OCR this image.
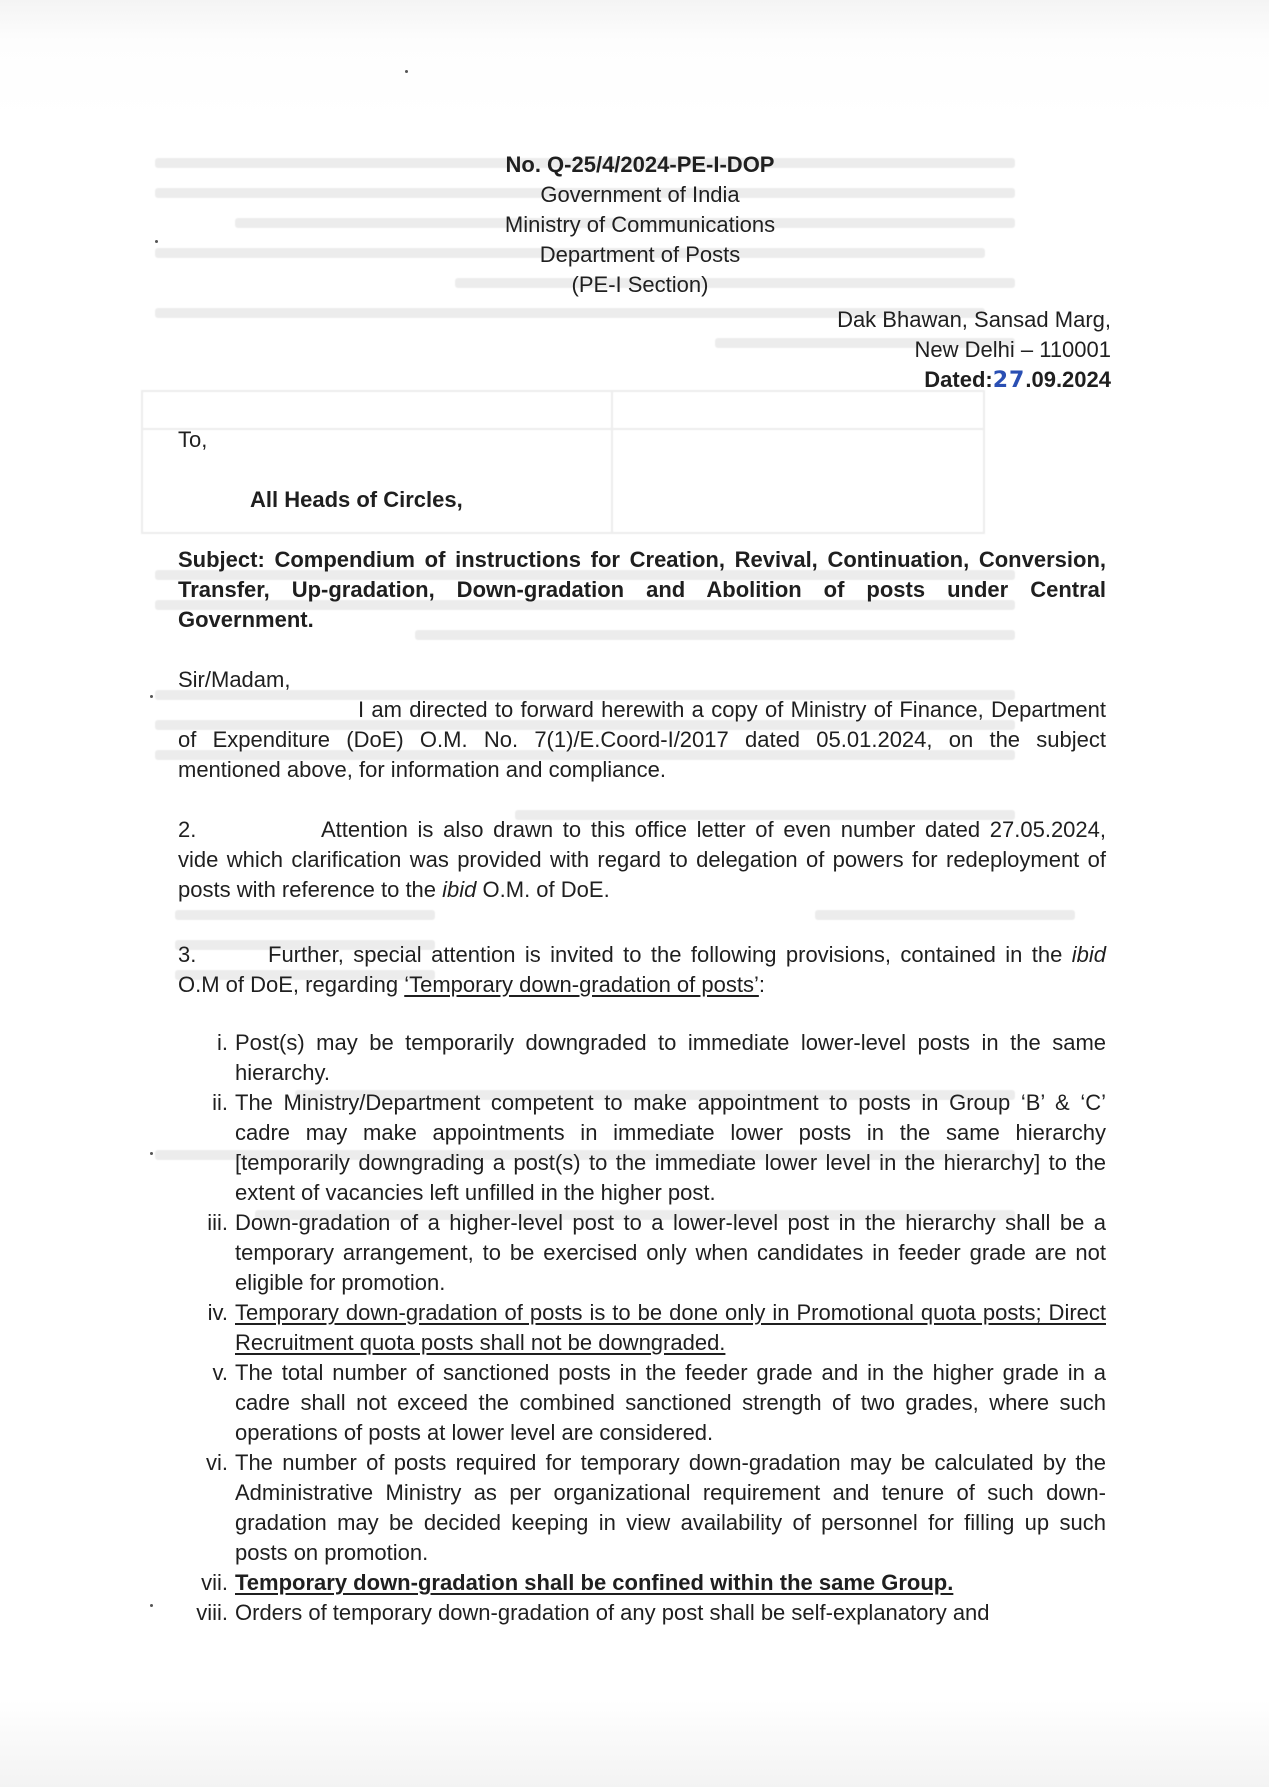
No. Q-25/4/2024-PE-I-DOP
Government of India
Ministry of Communications
Department of Posts
(PE-I Section)
Dak Bhawan, Sansad Marg,
New Delhi – 110001
Dated:27.09.2024
To,
All Heads of Circles,
Subject: Compendium of instructions for Creation, Revival, Continuation, Conversion, Transfer, Up-gradation, Down-gradation and Abolition of posts under Central Government.
Sir/Madam,
I am directed to forward herewith a copy of Ministry of Finance, Department of Expenditure (DoE) O.M. No. 7(1)/E.Coord-I/2017 dated 05.01.2024, on the subject mentioned above, for information and compliance.
2.	Attention is also drawn to this office letter of even number dated 27.05.2024, vide which clarification was provided with regard to delegation of powers for redeployment of posts with reference to the ibid O.M. of DoE.
3.	Further, special attention is invited to the following provisions, contained in the ibid O.M of DoE, regarding ‘Temporary down-gradation of posts’:
i. Post(s) may be temporarily downgraded to immediate lower-level posts in the same hierarchy.
ii. The Ministry/Department competent to make appointment to posts in Group ‘B’ & ‘C’ cadre may make appointments in immediate lower posts in the same hierarchy [temporarily downgrading a post(s) to the immediate lower level in the hierarchy] to the extent of vacancies left unfilled in the higher post.
iii. Down-gradation of a higher-level post to a lower-level post in the hierarchy shall be a temporary arrangement, to be exercised only when candidates in feeder grade are not eligible for promotion.
iv. Temporary down-gradation of posts is to be done only in Promotional quota posts; Direct Recruitment quota posts shall not be downgraded.
v. The total number of sanctioned posts in the feeder grade and in the higher grade in a cadre shall not exceed the combined sanctioned strength of two grades, where such operations of posts at lower level are considered.
vi. The number of posts required for temporary down-gradation may be calculated by the Administrative Ministry as per organizational requirement and tenure of such down-gradation may be decided keeping in view availability of personnel for filling up such posts on promotion.
vii. Temporary down-gradation shall be confined within the same Group.
viii. Orders of temporary down-gradation of any post shall be self-explanatory and
